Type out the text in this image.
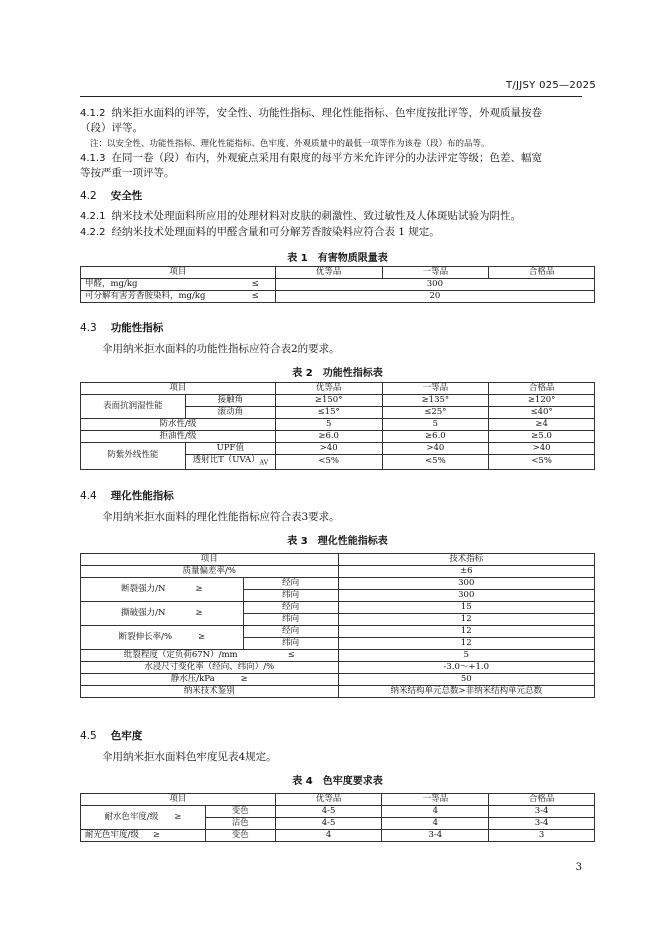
T/JJSY 025—2025
4.1.2 纳米拒水面料的评等，安全性、功能性指标、理化性能指标、色牢度按批评等，外观质量按卷
（段）评等。
注：以安全性、功能性指标、理化性能指标、色牢度、外观质量中的最低一项等作为该卷（段）布的品等。
4.1.3 在同一卷（段）布内，外观疵点采用有限度的每平方米允许评分的办法评定等级；色差、幅宽
等按严重一项评等。
4.2 安全性
4.2.1 纳米技术处理面料所应用的处理材料对皮肤的刺激性、致过敏性及人体斑贴试验为阴性。
4.2.2 经纳米技术处理面料的甲醛含量和可分解芳香胺染料应符合表 1 规定。
表 1　有害物质限量表
项目	优等品	一等品	合格品
甲醛，mg/kg ≤	300		
可分解有害芳香胺染料，mg/kg ≤	20		
4.3 功能性指标
伞用纳米拒水面料的功能性指标应符合表2的要求。
表 2　功能性指标表
项目		优等品	一等品	合格品
表面抗润湿性能	接触角	≥150°	≥135°	≥120°
	滚动角	≤15°	≤25°	≤40°
防水性/级		5	5	≥4
拒油性/级		≥6.0	≥6.0	≥5.0
防紫外线性能	UPF值	>40	>40	>40
	透射比$T(UVA)_{AV}$	<5%	<5%	<5%
4.4 理化性能指标
伞用纳米拒水面料的理化性能指标应符合表3要求。
表 3　理化性能指标表
项目		技术指标
质量偏差率/%		±6
断裂强力/N ≥	经向	300
	纬向	300
撕破强力/N ≥	经向	15
	纬向	12
断裂伸长率/% ≥	经向	12
	纬向	12
纰裂程度（定负荷67N）/mm ≤		5
水浸尺寸变化率（经向、纬向）/%		-3.0～+1.0
静水压/kPa ≥		50
纳米技术鉴别		纳米结构单元总数>非纳米结构单元总数
4.5 色牢度
伞用纳米拒水面料色牢度见表4规定。
表 4　色牢度要求表
项目		优等品	一等品	合格品
耐水色牢度/级 ≥	变色	4-5	4	3-4
	沾色	4-5	4	3-4
耐光色牢度/级 ≥	变色	4	3-4	3
3
